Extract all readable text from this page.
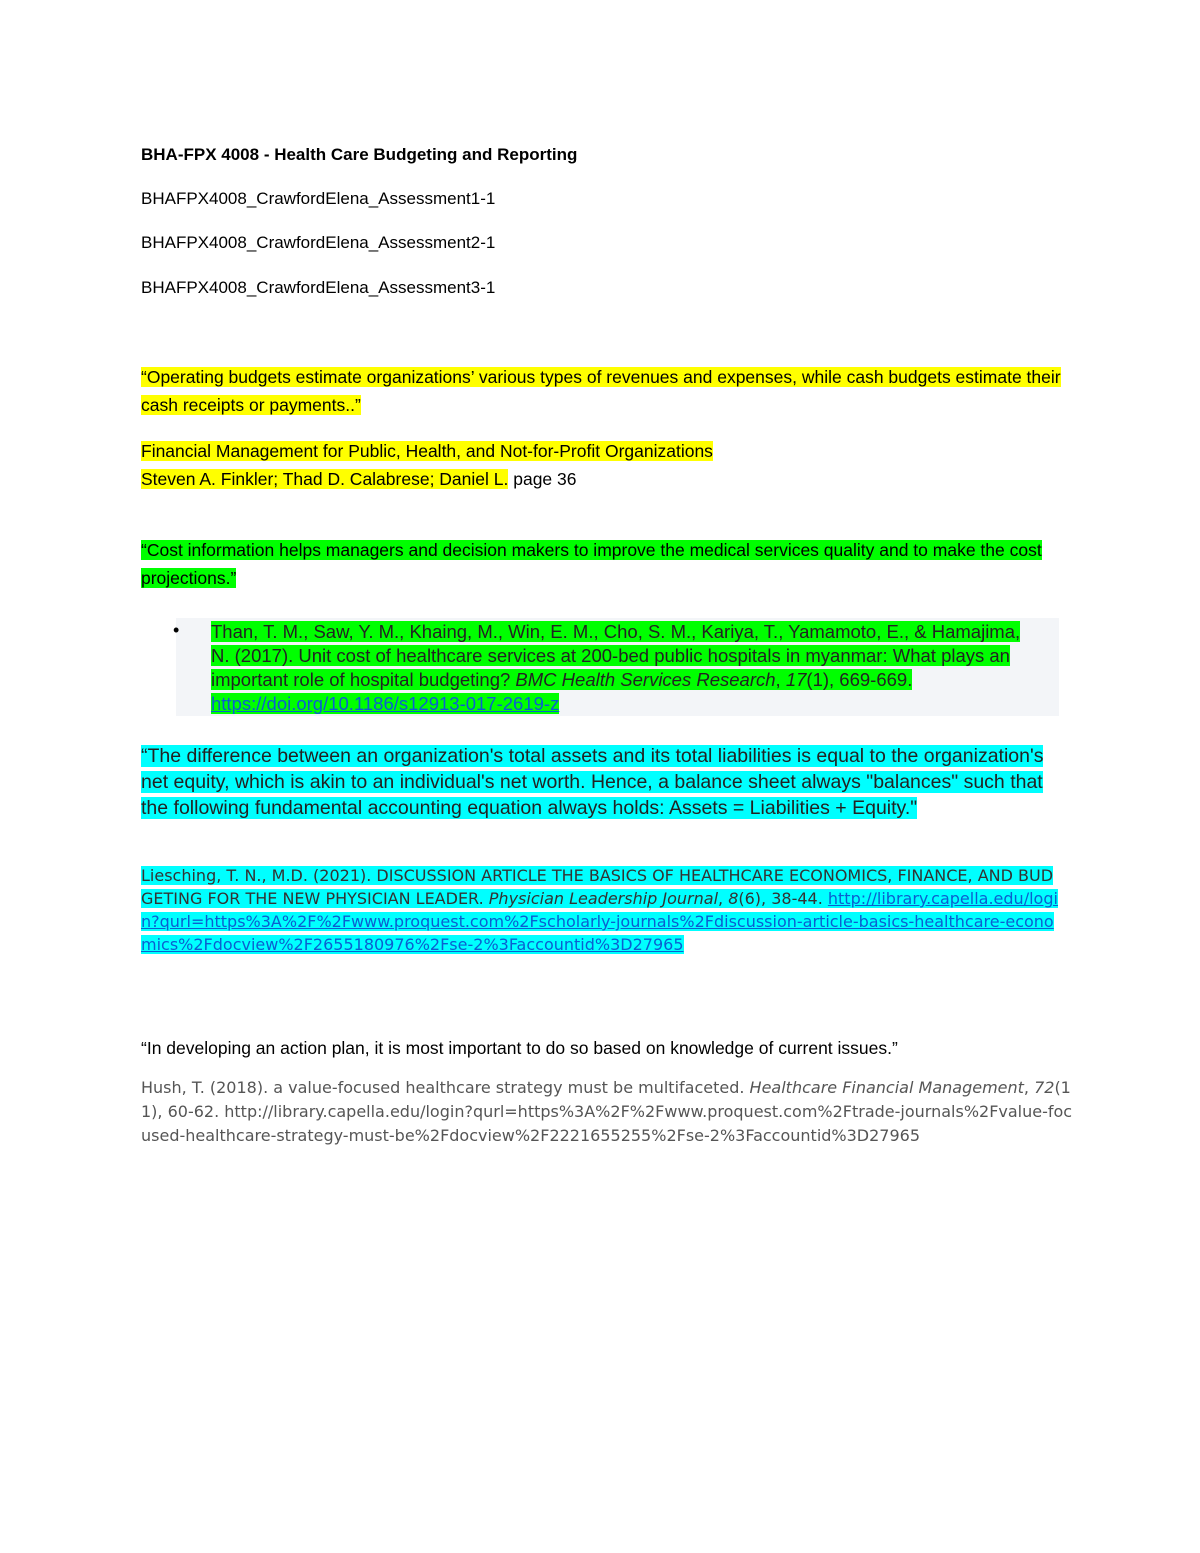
BHA-FPX 4008 - Health Care Budgeting and Reporting
BHAFPX4008_CrawfordElena_Assessment1-1
BHAFPX4008_CrawfordElena_Assessment2-1
BHAFPX4008_CrawfordElena_Assessment3-1
“Operating budgets estimate organizations’ various types of revenues and expenses, while cash budgets estimate their cash receipts or payments..”
Financial Management for Public, Health, and Not-for-Profit Organizations
Steven A. Finkler; Thad D. Calabrese; Daniel L. page 36
“Cost information helps managers and decision makers to improve the medical services quality and to make the cost projections.”
• Than, T. M., Saw, Y. M., Khaing, M., Win, E. M., Cho, S. M., Kariya, T., Yamamoto, E., & Hamajima, N. (2017). Unit cost of healthcare services at 200-bed public hospitals in myanmar: What plays an important role of hospital budgeting? BMC Health Services Research, 17(1), 669-669. https://doi.org/10.1186/s12913-017-2619-z
“The difference between an organization's total assets and its total liabilities is equal to the organization's net equity, which is akin to an individual's net worth. Hence, a balance sheet always "balances" such that the following fundamental accounting equation always holds: Assets = Liabilities + Equity."
Liesching, T. N., M.D. (2021). DISCUSSION ARTICLE THE BASICS OF HEALTHCARE ECONOMICS, FINANCE, AND BUDGETING FOR THE NEW PHYSICIAN LEADER. Physician Leadership Journal, 8(6), 38-44. http://library.capella.edu/login?qurl=https%3A%2F%2Fwww.proquest.com%2Fscholarly-journals%2Fdiscussion-article-basics-healthcare-economics%2Fdocview%2F2655180976%2Fse-2%3Faccountid%3D27965
“In developing an action plan, it is most important to do so based on knowledge of current issues.”
Hush, T. (2018). a value-focused healthcare strategy must be multifaceted. Healthcare Financial Management, 72(11), 60-62. http://library.capella.edu/login?qurl=https%3A%2F%2Fwww.proquest.com%2Ftrade-journals%2Fvalue-focused-healthcare-strategy-must-be%2Fdocview%2F2221655255%2Fse-2%3Faccountid%3D27965
